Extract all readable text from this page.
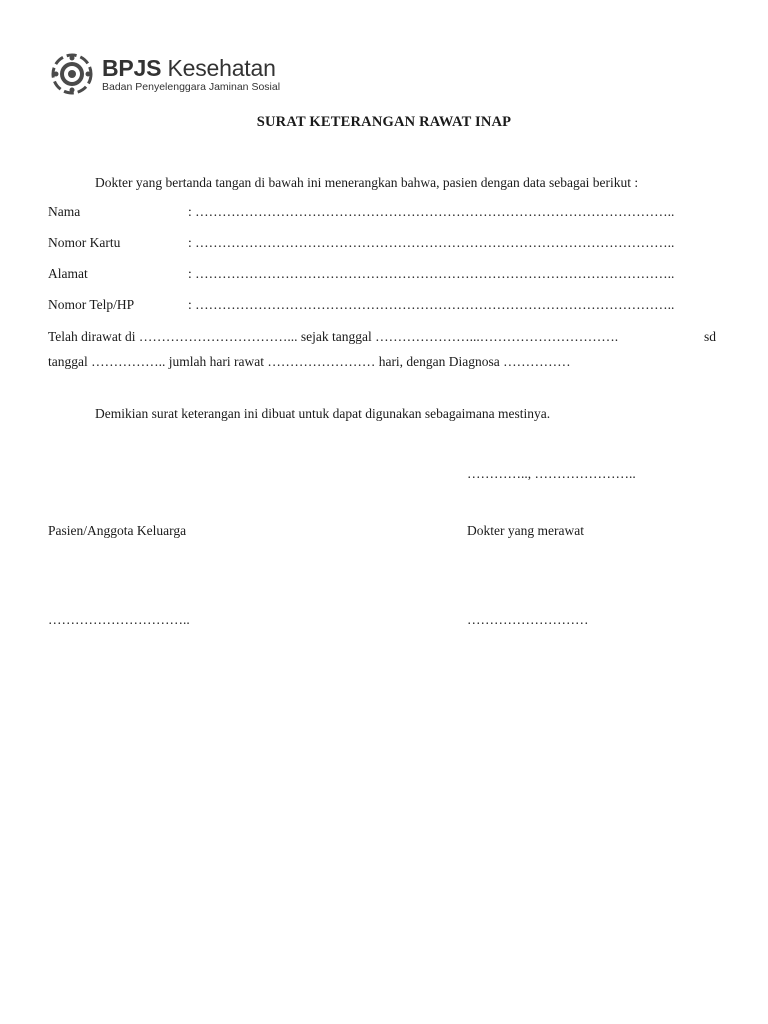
BPJS Kesehatan
Badan Penyelenggara Jaminan Sosial
SURAT KETERANGAN RAWAT INAP
Dokter yang bertanda tangan di bawah ini menerangkan bahwa, pasien dengan data sebagai berikut :
Nama	: ……………………………………………………………………………………………..
Nomor Kartu	: ……………………………………………………………………………………………..
Alamat	: ……………………………………………………………………………………………..
Nomor Telp/HP	: ……………………………………………………………………………………………..
Telah dirawat di ……………………………... sejak tanggal …………………...………………………….	sd
tanggal …………….. jumlah hari rawat …………………… hari, dengan Diagnosa ……………
Demikian surat keterangan ini dibuat untuk dapat digunakan sebagaimana mestinya.
………….., …………………..
Pasien/Anggota Keluarga	Dokter yang merawat
…………………………..	………………………
